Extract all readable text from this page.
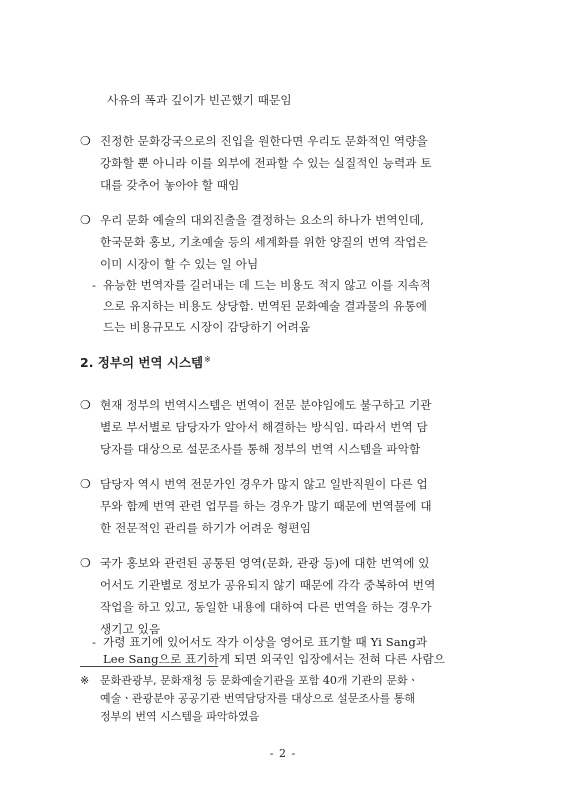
사유의 폭과 깊이가 빈곤했기 때문임
❍ 진정한 문화강국으로의 진입을 원한다면 우리도 문화적인 역량을
강화할 뿐 아니라 이를 외부에 전파할 수 있는 실질적인 능력과 토
대를 갖추어 놓아야 할 때임
❍ 우리 문화 예술의 대외진출을 결정하는 요소의 하나가 번역인데,
한국문화 홍보, 기초예술 등의 세계화를 위한 양질의 번역 작업은
이미 시장이 할 수 있는 일 아님
- 유능한 번역자를 길러내는 데 드는 비용도 적지 않고 이를 지속적
으로 유지하는 비용도 상당함. 번역된 문화예술 결과물의 유통에
드는 비용규모도 시장이 감당하기 어려움
2. 정부의 번역 시스템※
❍ 현재 정부의 번역시스템은 번역이 전문 분야임에도 불구하고 기관
별로 부서별로 담당자가 알아서 해결하는 방식임. 따라서 번역 담
당자를 대상으로 설문조사를 통해 정부의 번역 시스템을 파악함
❍ 담당자 역시 번역 전문가인 경우가 많지 않고 일반직원이 다른 업
무와 함께 번역 관련 업무를 하는 경우가 많기 때문에 번역물에 대
한 전문적인 관리를 하기가 어려운 형편임
❍ 국가 홍보와 관련된 공통된 영역(문화, 관광 등)에 대한 번역에 있
어서도 기관별로 정보가 공유되지 않기 때문에 각각 중복하여 번역
작업을 하고 있고, 동일한 내용에 대하여 다른 번역을 하는 경우가
생기고 있음
- 가령 표기에 있어서도 작가 이상을 영어로 표기할 때 Yi Sang과
Lee Sang으로 표기하게 되면 외국인 입장에서는 전혀 다른 사람으
※ 문화관광부, 문화재청 등 문화예술기관을 포함 40개 기관의 문화ㆍ
예술ㆍ관광분야 공공기관 번역담당자를 대상으로 설문조사를 통해
정부의 번역 시스템을 파악하였음
- 2 -
